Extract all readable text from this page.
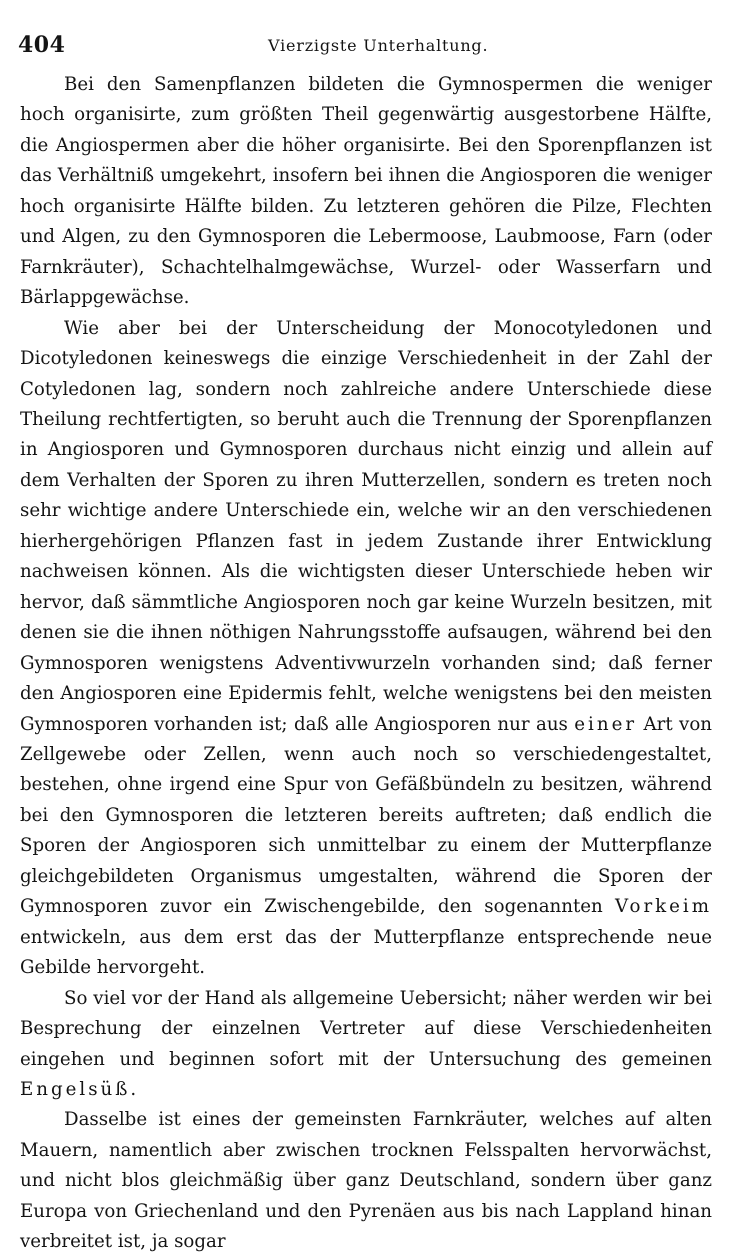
404	Vierzigste Unterhaltung.

Bei den Samenpflanzen bildeten die Gymnospermen die weniger hoch organisirte, zum größten Theil gegenwärtig ausgestorbene Hälfte, die Angiospermen aber die höher organisirte. Bei den Sporenpflanzen ist das Verhältniß umgekehrt, insofern bei ihnen die Angiosporen die weniger hoch organisirte Hälfte bilden. Zu letzteren gehören die Pilze, Flechten und Algen, zu den Gymnosporen die Lebermoose, Laubmoose, Farn (oder Farnkräuter), Schachtelhalmgewächse, Wurzel- oder Wasserfarn und Bärlappgewächse.

Wie aber bei der Unterscheidung der Monocotyledonen und Dicotyledonen keineswegs die einzige Verschiedenheit in der Zahl der Cotyledonen lag, sondern noch zahlreiche andere Unterschiede diese Theilung rechtfertigten, so beruht auch die Trennung der Sporenpflanzen in Angiosporen und Gymnosporen durchaus nicht einzig und allein auf dem Verhalten der Sporen zu ihren Mutterzellen, sondern es treten noch sehr wichtige andere Unterschiede ein, welche wir an den verschiedenen hierhergehörigen Pflanzen fast in jedem Zustande ihrer Entwicklung nachweisen können. Als die wichtigsten dieser Unterschiede heben wir hervor, daß sämmtliche Angiosporen noch gar keine Wurzeln besitzen, mit denen sie die ihnen nöthigen Nahrungsstoffe aufsaugen, während bei den Gymnosporen wenigstens Adventivwurzeln vorhanden sind; daß ferner den Angiosporen eine Epidermis fehlt, welche wenigstens bei den meisten Gymnosporen vorhanden ist; daß alle Angiosporen nur aus einer Art von Zellgewebe oder Zellen, wenn auch noch so verschiedengestaltet, bestehen, ohne irgend eine Spur von Gefäßbündeln zu besitzen, während bei den Gymnosporen die letzteren bereits auftreten; daß endlich die Sporen der Angiosporen sich unmittelbar zu einem der Mutterpflanze gleichgebildeten Organismus umgestalten, während die Sporen der Gymnosporen zuvor ein Zwischengebilde, den sogenannten Vorkeim entwickeln, aus dem erst das der Mutterpflanze entsprechende neue Gebilde hervorgeht.

So viel vor der Hand als allgemeine Uebersicht; näher werden wir bei Besprechung der einzelnen Vertreter auf diese Verschiedenheiten eingehen und beginnen sofort mit der Untersuchung des gemeinen Engelsüß.

Dasselbe ist eines der gemeinsten Farnkräuter, welches auf alten Mauern, namentlich aber zwischen trocknen Felsspalten hervorwächst, und nicht blos gleichmäßig über ganz Deutschland, sondern über ganz Europa von Griechenland und den Pyrenäen aus bis nach Lappland hinan verbreitet ist, ja sogar
